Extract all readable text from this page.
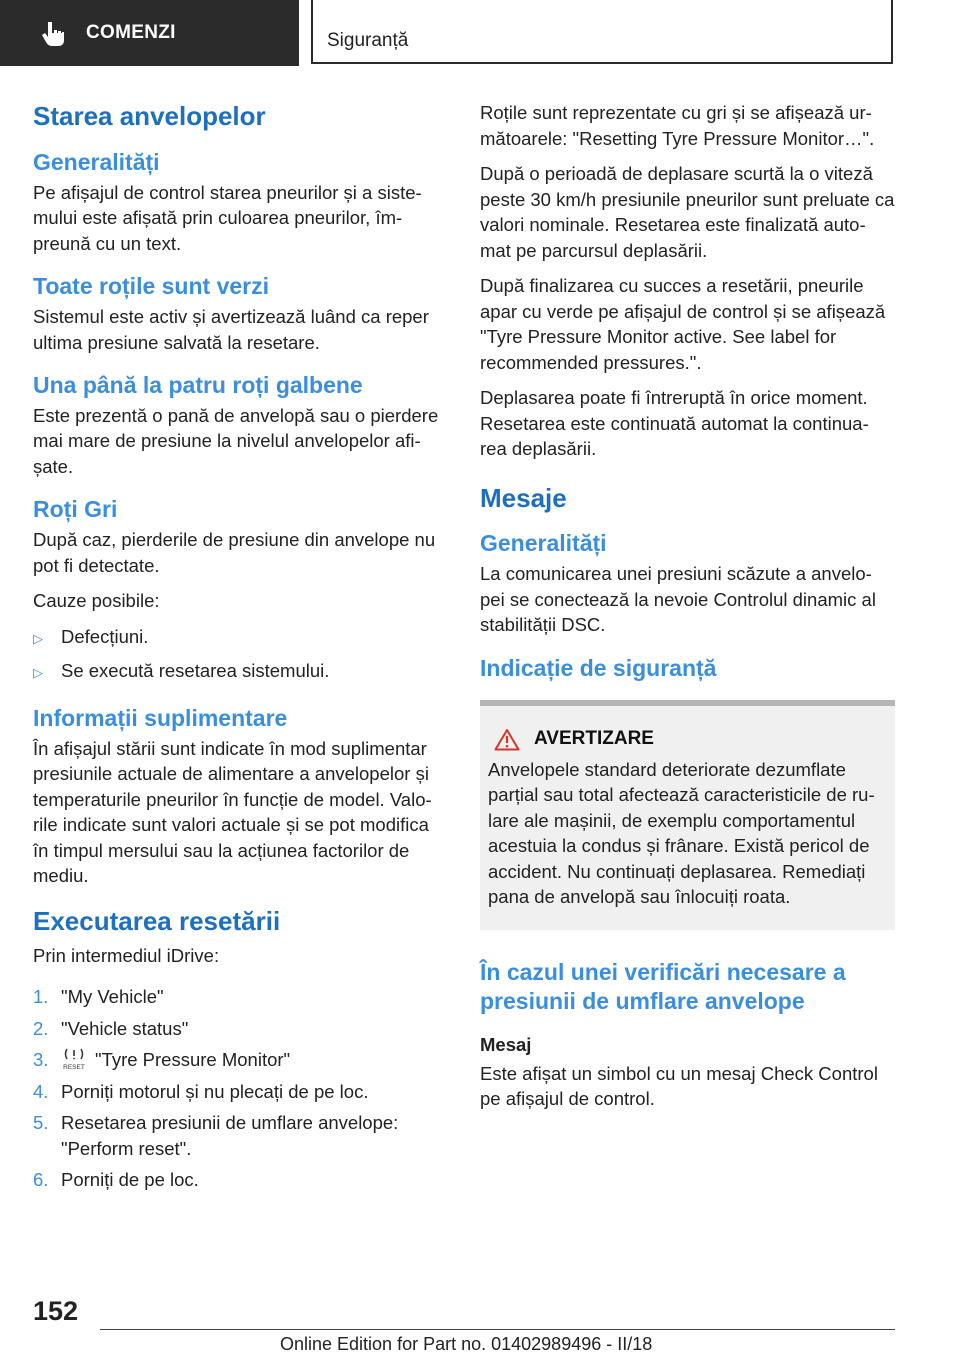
COMENZI	Siguranță
Starea anvelopelor
Generalități

Pe afișajul de control starea pneurilor și a siste-mului este afișată prin culoarea pneurilor, îm-preună cu un text.

Toate roțile sunt verzi

Sistemul este activ și avertizează luând ca reper ultima presiune salvată la resetare.

Una până la patru roți galbene

Este prezentă o pană de anvelopă sau o pierdere mai mare de presiune la nivelul anvelopelor afi-șate.

Roți Gri

După caz, pierderile de presiune din anvelope nu pot fi detectate.

Cauze posibile:

▷ Defecțiuni.
▷ Se execută resetarea sistemului.
Informații suplimentare

În afișajul stării sunt indicate în mod suplimentar presiunile actuale de alimentare a anvelopelor și temperaturile pneurilor în funcție de model. Valo-rile indicate sunt valori actuale și se pot modifica în timpul mersului sau la acțiunea factorilor de mediu.

Executarea resetării

Prin intermediul iDrive:

1. "My Vehicle"
2. "Vehicle status"
3.	RESET "Tyre Pressure Monitor"
4. Porniți motorul și nu plecați de pe loc.
5. Resetarea presiunii de umflare anvelope: "Perform reset".
6. Porniți de pe loc.

Roțile sunt reprezentate cu gri și se afișează ur-mătoarele: "Resetting Tyre Pressure Monitor…".

După o perioadă de deplasare scurtă la o viteză peste 30 km/h presiunile pneurilor sunt preluate ca valori nominale. Resetarea este finalizată auto-mat pe parcursul deplasării.

După finalizarea cu succes a resetării, pneurile apar cu verde pe afișajul de control și se afișează "Tyre Pressure Monitor active. See label for recommended pressures.".

Deplasarea poate fi întreruptă în orice moment. Resetarea este continuată automat la continua-rea deplasării.

Mesaje
Generalități

La comunicarea unei presiuni scăzute a anvelo-pei se conectează la nevoie Controlul dinamic al stabilității DSC.

Indicație de siguranță
AVERTIZARE

Anvelopele standard deteriorate dezumflate parțial sau total afectează caracteristicile de ru-lare ale mașinii, de exemplu comportamentul acestuia la condus și frânare. Există pericol de accident. Nu continuați deplasarea. Remediați pana de anvelopă sau înlocuiți roata.

În cazul unei verificări necesare a presiunii de umflare anvelope
Mesaj

Este afișat un simbol cu un mesaj Check Control pe afișajul de control.

152
Online Edition for Part no. 01402989496 - II/18
